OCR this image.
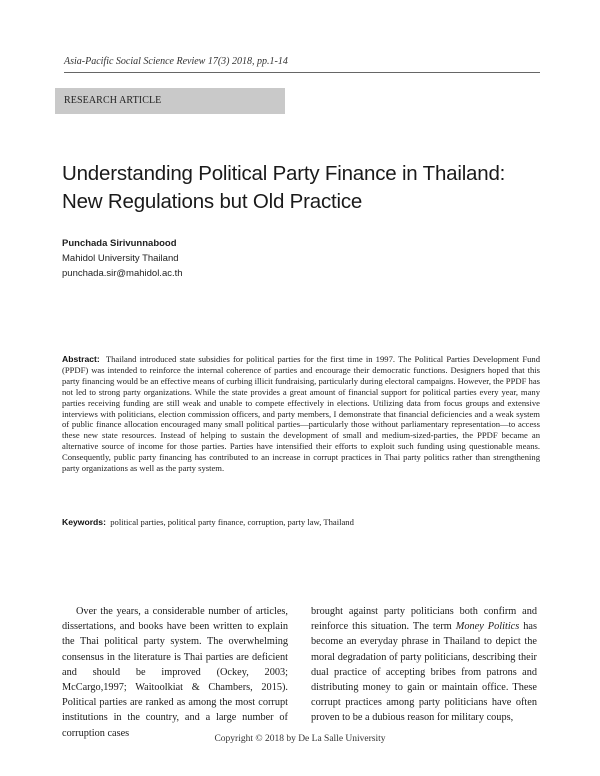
Asia-Pacific Social Science Review 17(3) 2018, pp.1-14
RESEARCH ARTICLE
Understanding Political Party Finance in Thailand:
New Regulations but Old Practice
Punchada Sirivunnabood
Mahidol University Thailand
punchada.sir@mahidol.ac.th

Abstract: Thailand introduced state subsidies for political parties for the first time in 1997. The Political Parties Development Fund (PPDF) was intended to reinforce the internal coherence of parties and encourage their democratic functions. Designers hoped that this party financing would be an effective means of curbing illicit fundraising, particularly during electoral campaigns. However, the PPDF has not led to strong party organizations. While the state provides a great amount of financial support for political parties every year, many parties receiving funding are still weak and unable to compete effectively in elections. Utilizing data from focus groups and extensive interviews with politicians, election commission officers, and party members, I demonstrate that financial deficiencies and a weak system of public finance allocation encouraged many small political parties—particularly those without parliamentary representation—to access these new state resources. Instead of helping to sustain the development of small and medium-sized-parties, the PPDF became an alternative source of income for those parties. Parties have intensified their efforts to exploit such funding using questionable means. Consequently, public party financing has contributed to an increase in corrupt practices in Thai party politics rather than strengthening party organizations as well as the party system.

Keywords: political parties, political party finance, corruption, party law, Thailand

Over the years, a considerable number of articles, dissertations, and books have been written to explain the Thai political party system. The overwhelming consensus in the literature is Thai parties are deficient and should be improved (Ockey, 2003; McCargo,1997; Waitoolkiat & Chambers, 2015). Political parties are ranked as among the most corrupt institutions in the country, and a large number of corruption cases

brought against party politicians both confirm and reinforce this situation. The term Money Politics has become an everyday phrase in Thailand to depict the moral degradation of party politicians, describing their dual practice of accepting bribes from patrons and distributing money to gain or maintain office. These corrupt practices among party politicians have often proven to be a dubious reason for military coups,

Copyright © 2018 by De La Salle University
